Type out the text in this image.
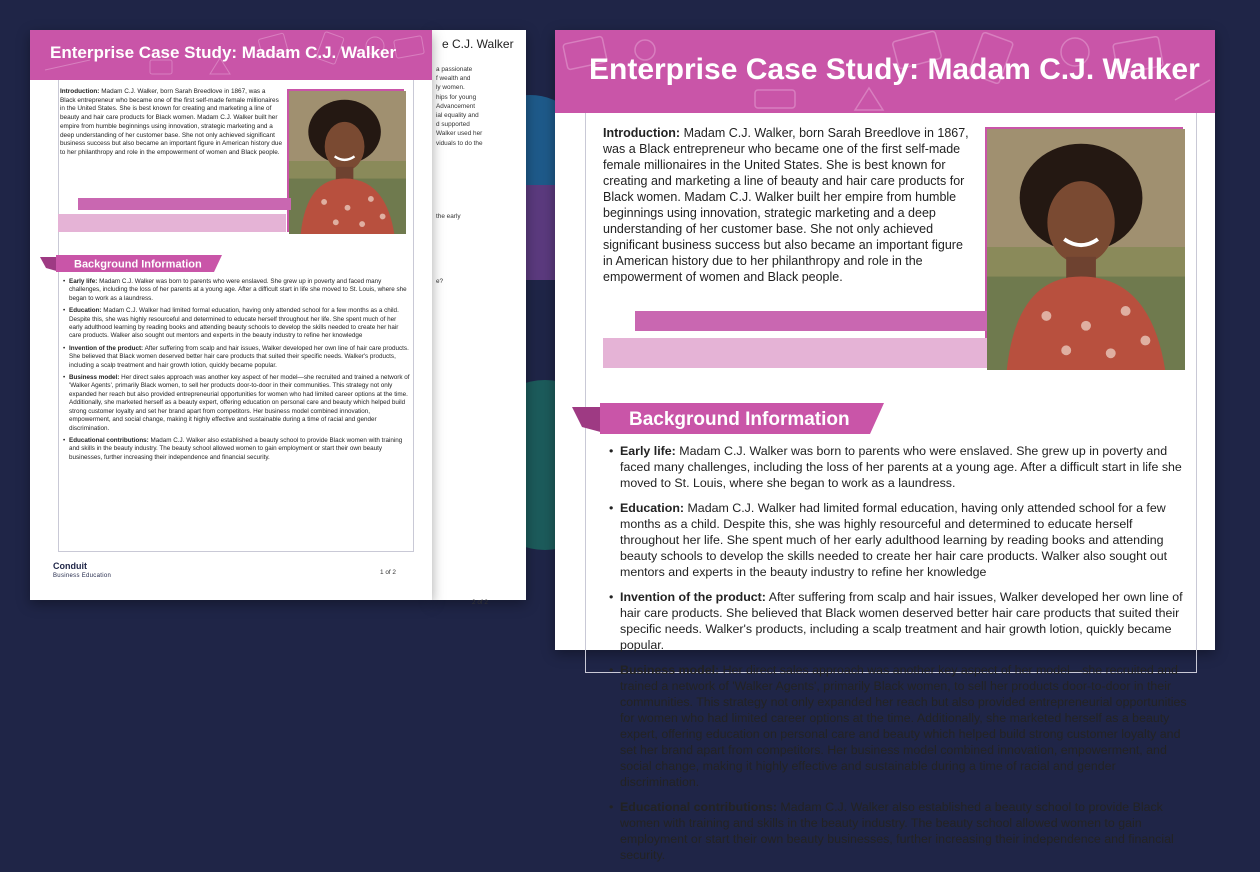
e C.J. Walker
a passionate
f wealth and
ly women.
hips for young
Advancement
ial equality and
d supported
Walker used her
viduals to do the

the early

e?
2 of 2
Enterprise Case Study: Madam C.J. Walker
Introduction: Madam C.J. Walker, born Sarah Breedlove in 1867, was a Black entrepreneur who became one of the first self-made female millionaires in the United States. She is best known for creating and marketing a line of beauty and hair care products for Black women. Madam C.J. Walker built her empire from humble beginnings using innovation, strategic marketing and a deep understanding of her customer base. She not only achieved significant business success but also became an important figure in American history due to her philanthropy and role in the empowerment of women and Black people.
Background Information
• Early life: Madam C.J. Walker was born to parents who were enslaved. She grew up in poverty and faced many challenges, including the loss of her parents at a young age. After a difficult start in life she moved to St. Louis, where she began to work as a laundress.
• Education: Madam C.J. Walker had limited formal education, having only attended school for a few months as a child. Despite this, she was highly resourceful and determined to educate herself throughout her life. She spent much of her early adulthood learning by reading books and attending beauty schools to develop the skills needed to create her hair care products. Walker also sought out mentors and experts in the beauty industry to refine her knowledge
• Invention of the product: After suffering from scalp and hair issues, Walker developed her own line of hair care products. She believed that Black women deserved better hair care products that suited their specific needs. Walker's products, including a scalp treatment and hair growth lotion, quickly became popular.
• Business model: Her direct sales approach was another key aspect of her model—she recruited and trained a network of 'Walker Agents', primarily Black women, to sell her products door-to-door in their communities. This strategy not only expanded her reach but also provided entrepreneurial opportunities for women who had limited career options at the time. Additionally, she marketed herself as a beauty expert, offering education on personal care and beauty which helped build strong customer loyalty and set her brand apart from competitors. Her business model combined innovation, empowerment, and social change, making it highly effective and sustainable during a time of racial and gender discrimination.
• Educational contributions: Madam C.J. Walker also established a beauty school to provide Black women with training and skills in the beauty industry. The beauty school allowed women to gain employment or start their own beauty businesses, further increasing their independence and financial security.
Conduit
Business Education	1 of 2
Enterprise Case Study: Madam C.J. Walker
Introduction: Madam C.J. Walker, born Sarah Breedlove in 1867, was a Black entrepreneur who became one of the first self-made female millionaires in the United States. She is best known for creating and marketing a line of beauty and hair care products for Black women. Madam C.J. Walker built her empire from humble beginnings using innovation, strategic marketing and a deep understanding of her customer base. She not only achieved significant business success but also became an important figure in American history due to her philanthropy and role in the empowerment of women and Black people.
Background Information
• Early life: Madam C.J. Walker was born to parents who were enslaved. She grew up in poverty and faced many challenges, including the loss of her parents at a young age. After a difficult start in life she moved to St. Louis, where she began to work as a laundress.
• Education: Madam C.J. Walker had limited formal education, having only attended school for a few months as a child. Despite this, she was highly resourceful and determined to educate herself throughout her life. She spent much of her early adulthood learning by reading books and attending beauty schools to develop the skills needed to create her hair care products. Walker also sought out mentors and experts in the beauty industry to refine her knowledge
• Invention of the product: After suffering from scalp and hair issues, Walker developed her own line of hair care products. She believed that Black women deserved better hair care products that suited their specific needs. Walker's products, including a scalp treatment and hair growth lotion, quickly became popular.
• Business model: Her direct sales approach was another key aspect of her model—she recruited and trained a network of 'Walker Agents', primarily Black women, to sell her products door-to-door in their communities. This strategy not only expanded her reach but also provided entrepreneurial opportunities for women who had limited career options at the time. Additionally, she marketed herself as a beauty expert, offering education on personal care and beauty which helped build strong customer loyalty and set her brand apart from competitors. Her business model combined innovation, empowerment, and social change, making it highly effective and sustainable during a time of racial and gender discrimination.
• Educational contributions: Madam C.J. Walker also established a beauty school to provide Black women with training and skills in the beauty industry. The beauty school allowed women to gain employment or start their own beauty businesses, further increasing their independence and financial security.
